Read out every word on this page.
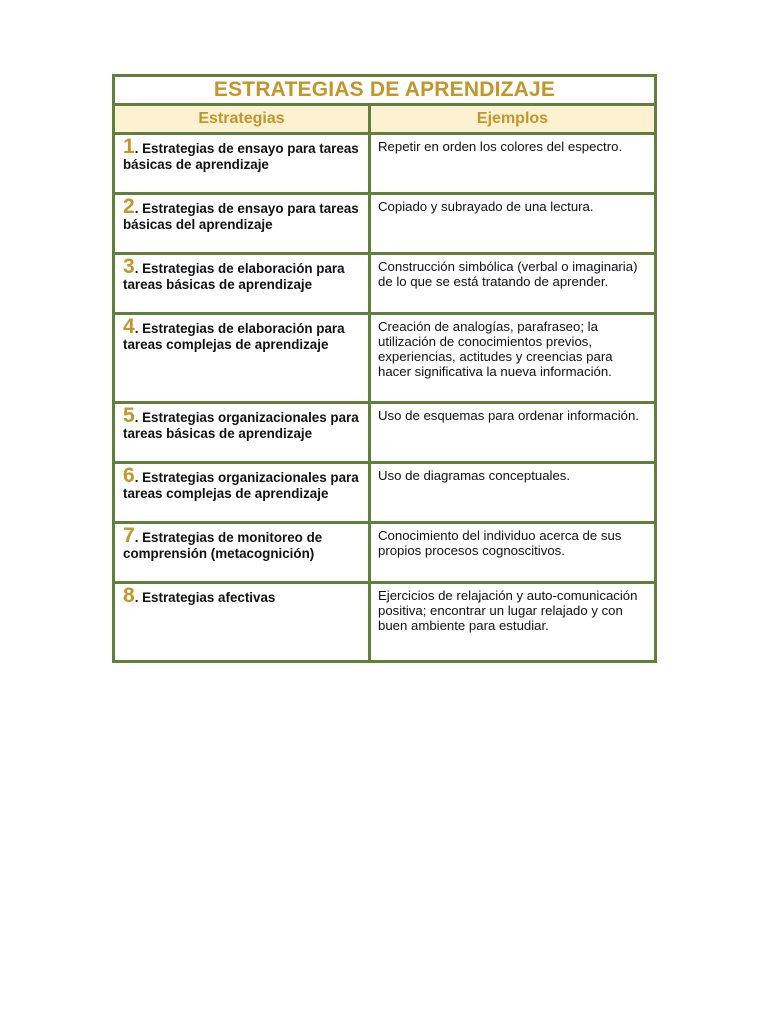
ESTRATEGIAS DE APRENDIZAJE	
Estrategias	Ejemplos
1. Estrategias de ensayo para tareas básicas de aprendizaje	Repetir en orden los colores del espectro.
2. Estrategias de ensayo para tareas básicas del aprendizaje	Copiado y subrayado de una lectura.
3. Estrategias de elaboración para tareas básicas de aprendizaje	Construcción simbólica (verbal o imaginaria) de lo que se está tratando de aprender.
4. Estrategias de elaboración para tareas complejas de aprendizaje	Creación de analogías, parafraseo; la utilización de conocimientos previos, experiencias, actitudes y creencias para hacer significativa la nueva información.
5. Estrategias organizacionales para tareas básicas de aprendizaje	Uso de esquemas para ordenar información.
6. Estrategias organizacionales para tareas complejas de aprendizaje	Uso de diagramas conceptuales.
7. Estrategias de monitoreo de comprensión (metacognición)	Conocimiento del individuo acerca de sus propios procesos cognoscitivos.
8. Estrategias afectivas	Ejercicios de relajación y auto-comunicación positiva; encontrar un lugar relajado y con buen ambiente para estudiar.
